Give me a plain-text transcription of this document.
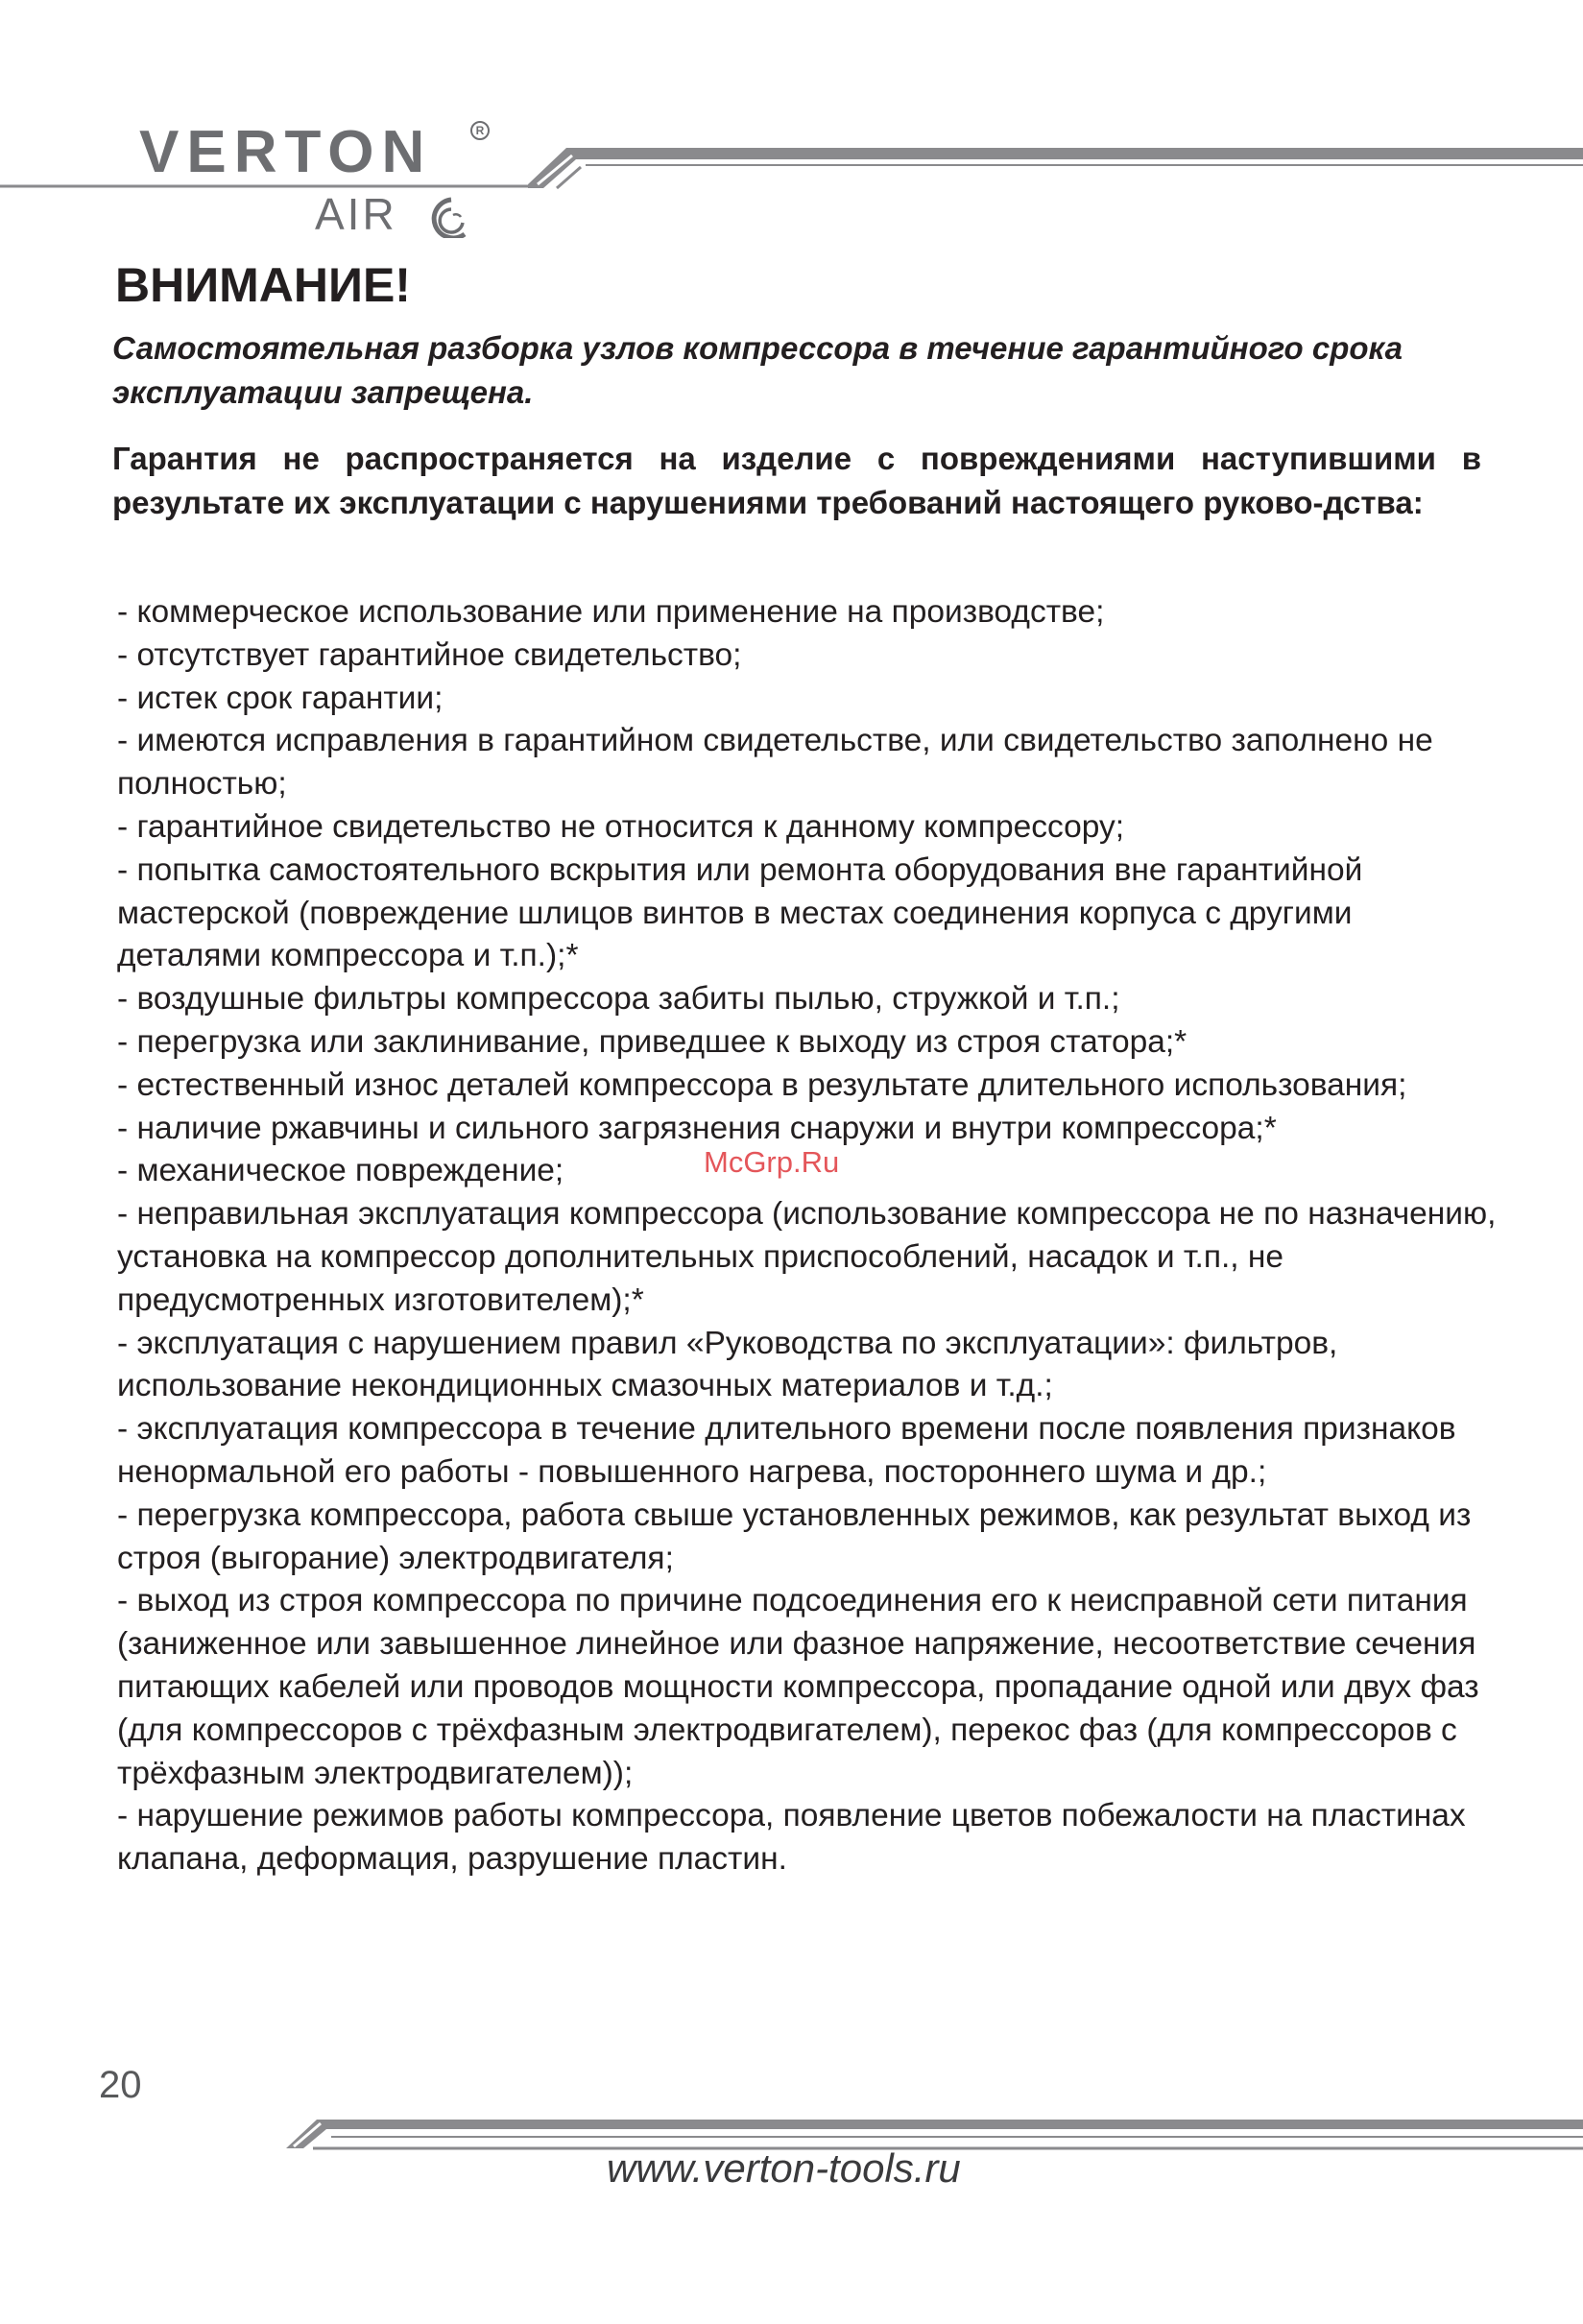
VERTON	R
AIR
ВНИМАНИЕ!

Самостоятельная разборка узлов компрессора в течение гарантийного срока эксплуатации запрещена.

Гарантия не распространяется на изделие с повреждениями наступившими в результате их эксплуатации с нарушениями требований настоящего руково-дства:

- коммерческое использование или применение на производстве;
- отсутствует гарантийное свидетельство;
- истек срок гарантии;
- имеются исправления в гарантийном свидетельстве, или свидетельство заполнено не полностью;
- гарантийное свидетельство не относится к данному компрессору;
- попытка самостоятельного вскрытия или ремонта оборудования вне гарантийной мастерской (повреждение шлицов винтов в местах соединения корпуса с другими деталями компрессора и т.п.);*
- воздушные фильтры компрессора забиты пылью, стружкой и т.п.;
- перегрузка или заклинивание, приведшее к выходу из строя статора;*
- естественный износ деталей компрессора в результате длительного использования;
- наличие ржавчины и сильного загрязнения снаружи и внутри компрессора;*
- механическое повреждение;
- неправильная эксплуатация компрессора (использование компрессора не по назначению, установка на компрессор дополнительных приспособлений, насадок и т.п., не предусмотренных изготовителем);*
- эксплуатация с нарушением правил «Руководства по эксплуатации»: фильтров, использование некондиционных смазочных материалов и т.д.;
- эксплуатация компрессора в течение длительного времени после появления признаков ненормальной его работы - повышенного нагрева, постороннего шума и др.;
- перегрузка компрессора, работа свыше установленных режимов, как результат выход из строя (выгорание) электродвигателя;
- выход из строя компрессора по причине подсоединения его к неисправной сети питания (заниженное или завышенное линейное или фазное напряжение, несоответствие сечения питающих кабелей или проводов мощности компрессора, пропадание одной или двух фаз (для компрессоров с трёхфазным электродвигателем), перекос фаз (для компрессоров с трёхфазным электродвигателем));
- нарушение режимов работы компрессора, появление цветов побежалости на пластинах клапана, деформация, разрушение пластин.
McGrp.Ru
20
www.verton-tools.ru
